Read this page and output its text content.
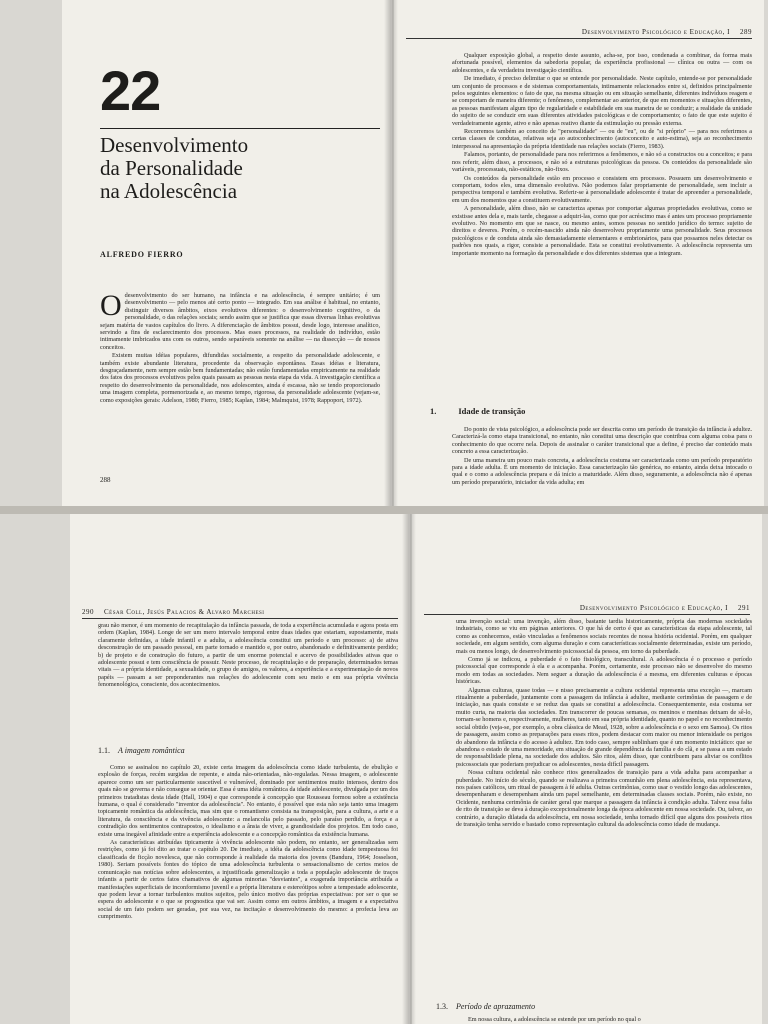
22
Desenvolvimento
da Personalidade
na Adolescência
ALFREDO FIERRO

Odesenvolvimento do ser humano, na infância e na adolescência, é sempre unitário; é um desenvolvimento — pelo menos até certo ponto — integrado. Em sua análise é habitual, no entanto, distinguir diversos âmbitos, eixos evolutivos diferentes: o desenvolvimento cognitivo, o da personalidade, o das relações sociais; sendo assim que se justifica que essas diversas linhas evolutivas sejam matéria de vastos capítulos do livro. A diferenciação de âmbitos possui, desde logo, interesse analítico, servindo a fins de esclarecimento dos processos. Mas esses processos, na realidade do indivíduo, estão intimamente imbricados uns com os outros, sendo separáveis somente na análise — na dissecção — de nossos conceitos.

Existem muitas idéias populares, difundidas socialmente, a respeito da personalidade adolescente, e também existe abundante literatura, procedente da observação espontânea. Essas idéias e literatura, desgraçadamente, nem sempre estão bem fundamentadas; não estão fundamentadas empiricamente na realidade dos fatos dos processos evolutivos pelos quais passam as pessoas nesta etapa da vida. A investigação científica a respeito do desenvolvimento da personalidade, nos adolescentes, ainda é escassa, não se tendo proporcionado uma imagem completa, pormenorizada e, ao mesmo tempo, rigorosa, da personalidade adolescente (vejam-se, como exposições gerais: Adelson, 1980; Fierro, 1985; Kaplan, 1984; Malmquist, 1978; Rappoport, 1972).

288
Desenvolvimento Psicológico e Educação, I 289

Qualquer exposição global, a respeito deste assunto, acha-se, por isso, condenada a combinar, da forma mais afortunada possível, elementos da sabedoria popular, da experiência profissional — clínica ou outra — com os adolescentes, e da verdadeira investigação científica.

De imediato, é preciso delimitar o que se entende por personalidade. Neste capítulo, entende-se por personalidade um conjunto de processos e de sistemas comportamentais, intimamente relacionados entre si, definidos principalmente pelos seguintes elementos: o fato de que, na mesma situação ou em situação semelhante, diferentes indivíduos reagem e se comportam de maneira diferente; o fenômeno, complementar ao anterior, de que em momentos e situações diferentes, as pessoas manifestam algum tipo de regularidade e estabilidade em sua maneira de se conduzir; a realidade da unidade do sujeito de se conduzir em suas diferentes atividades psicológicas e de comportamento; o fato de que este sujeito é verdadeiramente agente, ativo e não apenas reativo diante da estimulação ou pressão externa.

Recorremos também ao conceito de "personalidade" — ou de "eu", ou de "si próprio" — para nos referirmos a certas classes de condutas, relativas seja ao autoconhecimento (autoconceito e auto-estima), seja ao reconhecimento interpessoal na apresentação da própria identidade nas relações sociais (Fierro, 1983).

Falamos, portanto, de personalidade para nos referirmos a fenômenos, e não só a constructos ou a conceitos; e para nos referir, além disso, a processos, e não só a estruturas psicológicas da pessoa. Os conteúdos da personalidade são variáveis, processuais, não-estáticos, não-fixos.

Os conteúdos da personalidade estão em processo e consistem em processos. Possuem um desenvolvimento e comportam, todos eles, uma dimensão evolutiva. Não podemos falar propriamente de personalidade, sem incluir a perspectiva temporal e também evolutiva. Referir-se à personalidade adolescente é tratar de apreender a personalidade, em um dos momentos que a constituem evolutivamente.

A personalidade, além disso, não se caracteriza apenas por comportar algumas propriedades evolutivas, como se existisse antes dela e, mais tarde, chegasse a adquiri-las, como que por acréscimo mas é antes um processo propriamente evolutivo. No momento em que se nasce, ou mesmo antes, somos pessoas no sentido jurídico do termo: sujeito de direitos e deveres. Porém, o recém-nascido ainda não desenvolveu propriamente uma personalidade. Seus processos psicológicos e de conduta ainda são demasiadamente elementares e embrionários, para que possamos neles detectar os padrões nos quais, a rigor, consiste a personalidade. Esta se constitui evolutivamente. A adolescência representa um importante momento na formação da personalidade e dos diferentes sistemas que a integram.

1.	Idade de transição

Do ponto de vista psicológico, a adolescência pode ser descrita como um período de transição da infância à adultez. Caracterizá-la como etapa transicional, no entanto, não constitui uma descrição que contribua com alguma coisa para o conhecimento do que ocorre nela. Depois de assinalar o caráter transicional que a define, é preciso dar conteúdo mais concreto a essa caracterização.

De uma maneira um pouco mais concreta, a adolescência costuma ser caracterizada como um período preparatório para a idade adulta. É um momento de iniciação. Essa caracterização tão genérica, no entanto, ainda deixa intocado o qual e o como a adolescência prepara e dá início a maturidade. Além disso, seguramente, a adolescência não é apenas um período preparatório, iniciador da vida adulta; em

290 César Coll, Jesús Palacios & Alvaro Marchesi

grau não menor, é um momento de recapitulação da infância passada, de toda a experiência acumulada e agora posta em ordem (Kaplan, 1984). Longe de ser um mero intervalo temporal entre duas idades que estariam, supostamente, mais claramente definidas, a idade infantil e a adulta, a adolescência constitui um período e um processo: a) de ativa desconstrução de um passado pessoal, em parte tornado e mantido e, por outro, abandonado e definitivamente perdido; b) de projeto e de construção do futuro, a partir de um enorme potencial e acervo de possibilidades ativas que o adolescente possui e tem consciência de possuir. Neste processo, de recapitulação e de preparação, determinados temas vitais — a própria identidade, a sexualidade, o grupo de amigos, os valores, a experiência e a experimentação de novos papéis — passam a ser preponderantes nas relações do adolescente com seu meio e em sua própria vivência fenomenológica, consciente, dos acontecimentos.

1.1. A imagem romântica

Como se assinalou no capítulo 20, existe certa imagem da adolescência como idade turbulenta, de ebulição e explosão de forças, recém surgidas de repente, e ainda não-orientadas, não-reguladas. Nessa imagem, o adolescente aparece como um ser particularmente suscetível e vulnerável, dominado por sentimentos muito intensos, dentro dos quais não se governa e não consegue se orientar. Essa é uma idéia romântica da idade adolescente, divulgada por um dos primeiros tratadistas desta idade (Hall, 1904) e que corresponde à concepção que Rousseau formou sobre a existência humana, o qual é considerado "inventor da adolescência". No entanto, é possível que esta não seja tanto uma imagem topicamente romântica da adolescência, mas sim que o romantismo consista na transposição, para a cultura, a arte e a literatura, da consciência e da vivência adolescente: a melancolia pelo passado, pelo paraíso perdido, a força e a contradição dos sentimentos contrapostos, o idealismo e a ânsia de viver, a grandiosidade dos projetos. Em todo caso, existe uma inegável afinidade entre a experiência adolescente e a concepção romântica da existência humana.

As características atribuídas tipicamente à vivência adolescente não podem, no entanto, ser generalizadas sem restrições, como já foi dito ao tratar o capítulo 20. De imediato, a idéia da adolescência como idade tempestuosa foi classificada de ficção novelesca, que não corresponde à realidade da maioria dos jovens (Bandura, 1964; Josselson, 1980). Seriam possíveis fontes do tópico de uma adolescência turbulenta o sensacionalismo de certos meios de comunicação nas notícias sobre adolescentes, a injustificada generalização a toda a população adolescente de traços infantis a partir de certos fatos chamativos de algumas minorias "desviantes", a exagerada importância atribuída a manifestações superficiais de inconformismo juvenil e a própria literatura e estereótipos sobre a tempestade adolescente, que podem levar a tornar turbulentos muitos sujeitos, pelo único motivo das próprias expectativas: por ser o que se espera do adolescente e o que se prognostica que vai ser. Assim como em outros âmbitos, a imagem e a expectativa social de um fato podem ser geradas, por sua vez, na incitação e desenvolvimento do mesmo: a profecia leva ao cumprimento.

Desenvolvimento Psicológico e Educação, I 291

uma invenção social: uma invenção, além disso, bastante tardia historicamente, própria das modernas sociedades industriais, como se viu em páginas anteriores. O que há de certo é que as características da etapa adolescente, tal como as conhecemos, estão vinculadas a fenômenos sociais recentes de nossa história ocidental. Porém, em qualquer sociedade, em algum sentido, com alguma duração e com características socialmente determinadas, existe um período, mais ou menos longo, de desenvolvimento psicossocial da pessoa, em torno da puberdade.

Como já se indicou, a puberdade é o fato fisiológico, transcultural. A adolescência é o processo e período psicossocial que corresponde à ela e a acompanha. Porém, certamente, este processo não se desenvolve do mesmo modo em todas as sociedades. Nem seguer a duração da adolescência é a mesma, em diferentes culturas e épocas históricas.

Algumas culturas, quase todas — e nisso precisamente a cultura ocidental representa uma exceção —, marcam ritualmente a puberdade, juntamente com a passagem da infância à adultez, mediante cerimônias de passagem e de iniciação, nas quais consiste e se reduz das quais se constitui a adolescência. Consequentemente, esta costuma ser muito curta, na maioria das sociedades. Em transcorrer de poucas semanas, os meninos e meninas deixam de sê-lo, tornam-se homens e, respectivamente, mulheres, tanto em sua própria identidade, quanto no papel e no reconhecimento social obtido (veja-se, por exemplo, a obra clássica de Mead, 1928, sobre a adolescência e o sexo em Samoa). Os ritos de passagem, assim como as preparações para esses ritos, podem destacar com maior ou menor intensidade os perigos do abandono da infância e do acesso à adultez. Em todo caso, sempre sublinham que é um momento iniciático: que se abandona o estado de uma menoridade, em situação de grande dependência da família e do clã, e se passa a um estado de responsabilidade plena, na sociedade dos adultos. São ritos, além disso, que contribuem para aliviar os conflitos psicossociais que poderiam prejudicar os adolescentes, nesta difícil passagem.

Nossa cultura ocidental não conhece ritos generalizados de transição para a vida adulta para acompanhar a puberdade. No início do século, quando se realizava a primeira comunhão em plena adolescência, esta representava, nos países católicos, um ritual de passagem à fé adulta. Outras cerimônias, como usar o vestido longo das adolescentes, desempenharam e desempenham ainda um papel semelhante, em determinadas classes sociais. Porém, não existe, no Ocidente, nenhuma cerimônia de caráter geral que marque a passagem da infância à condição adulta. Talvez essa falta de rito de transição se deva à duração excepcionalmente longa da época adolescente em nossa sociedade. Ou, talvez, ao contrário, a duração dilatada da adolescência, em nossa sociedade, tenha tornado difícil que alguns dos possíveis ritos de transição tenha servido e bastado como representação cultural da adolescência como idade de mudança.

1.3. Período de aprazamento

Em nossa cultura, a adolescência se estende por um período no qual o
